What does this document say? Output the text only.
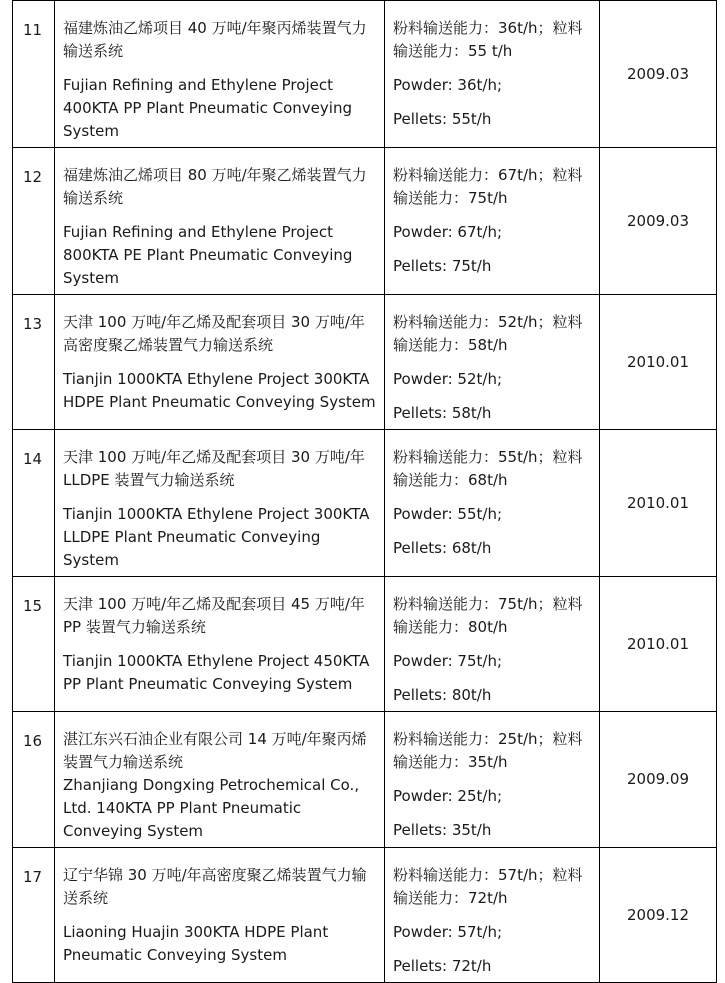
11	福建炼油乙烯项目 40 万吨/年聚丙烯装置气力输送系统
Fujian Refining and Ethylene Project 400KTA PP Plant Pneumatic Conveying System	粉料输送能力：36t/h；粒料输送能力：55 t/h
Powder: 36t/h;
Pellets: 55t/h	2009.03
12	福建炼油乙烯项目 80 万吨/年聚乙烯装置气力输送系统
Fujian Refining and Ethylene Project 800KTA PE Plant Pneumatic Conveying System	粉料输送能力：67t/h；粒料输送能力：75t/h
Powder: 67t/h;
Pellets: 75t/h	2009.03
13	天津 100 万吨/年乙烯及配套项目 30 万吨/年高密度聚乙烯装置气力输送系统
Tianjin 1000KTA Ethylene Project 300KTA HDPE Plant Pneumatic Conveying System	粉料输送能力：52t/h；粒料输送能力：58t/h
Powder: 52t/h;
Pellets: 58t/h	2010.01
14	天津 100 万吨/年乙烯及配套项目 30 万吨/年 LLDPE 装置气力输送系统
Tianjin 1000KTA Ethylene Project 300KTA LLDPE Plant Pneumatic Conveying System	粉料输送能力：55t/h；粒料输送能力：68t/h
Powder: 55t/h;
Pellets: 68t/h	2010.01
15	天津 100 万吨/年乙烯及配套项目 45 万吨/年 PP 装置气力输送系统
Tianjin 1000KTA Ethylene Project 450KTA PP Plant Pneumatic Conveying System	粉料输送能力：75t/h；粒料输送能力：80t/h
Powder: 75t/h;
Pellets: 80t/h	2010.01
16	湛江东兴石油企业有限公司 14 万吨/年聚丙烯装置气力输送系统
Zhanjiang Dongxing Petrochemical Co., Ltd. 140KTA PP Plant Pneumatic Conveying System	粉料输送能力：25t/h；粒料输送能力：35t/h
Powder: 25t/h;
Pellets: 35t/h	2009.09
17	辽宁华锦 30 万吨/年高密度聚乙烯装置气力输送系统
Liaoning Huajin 300KTA HDPE Plant Pneumatic Conveying System	粉料输送能力：57t/h；粒料输送能力：72t/h
Powder: 57t/h;
Pellets: 72t/h	2009.12
